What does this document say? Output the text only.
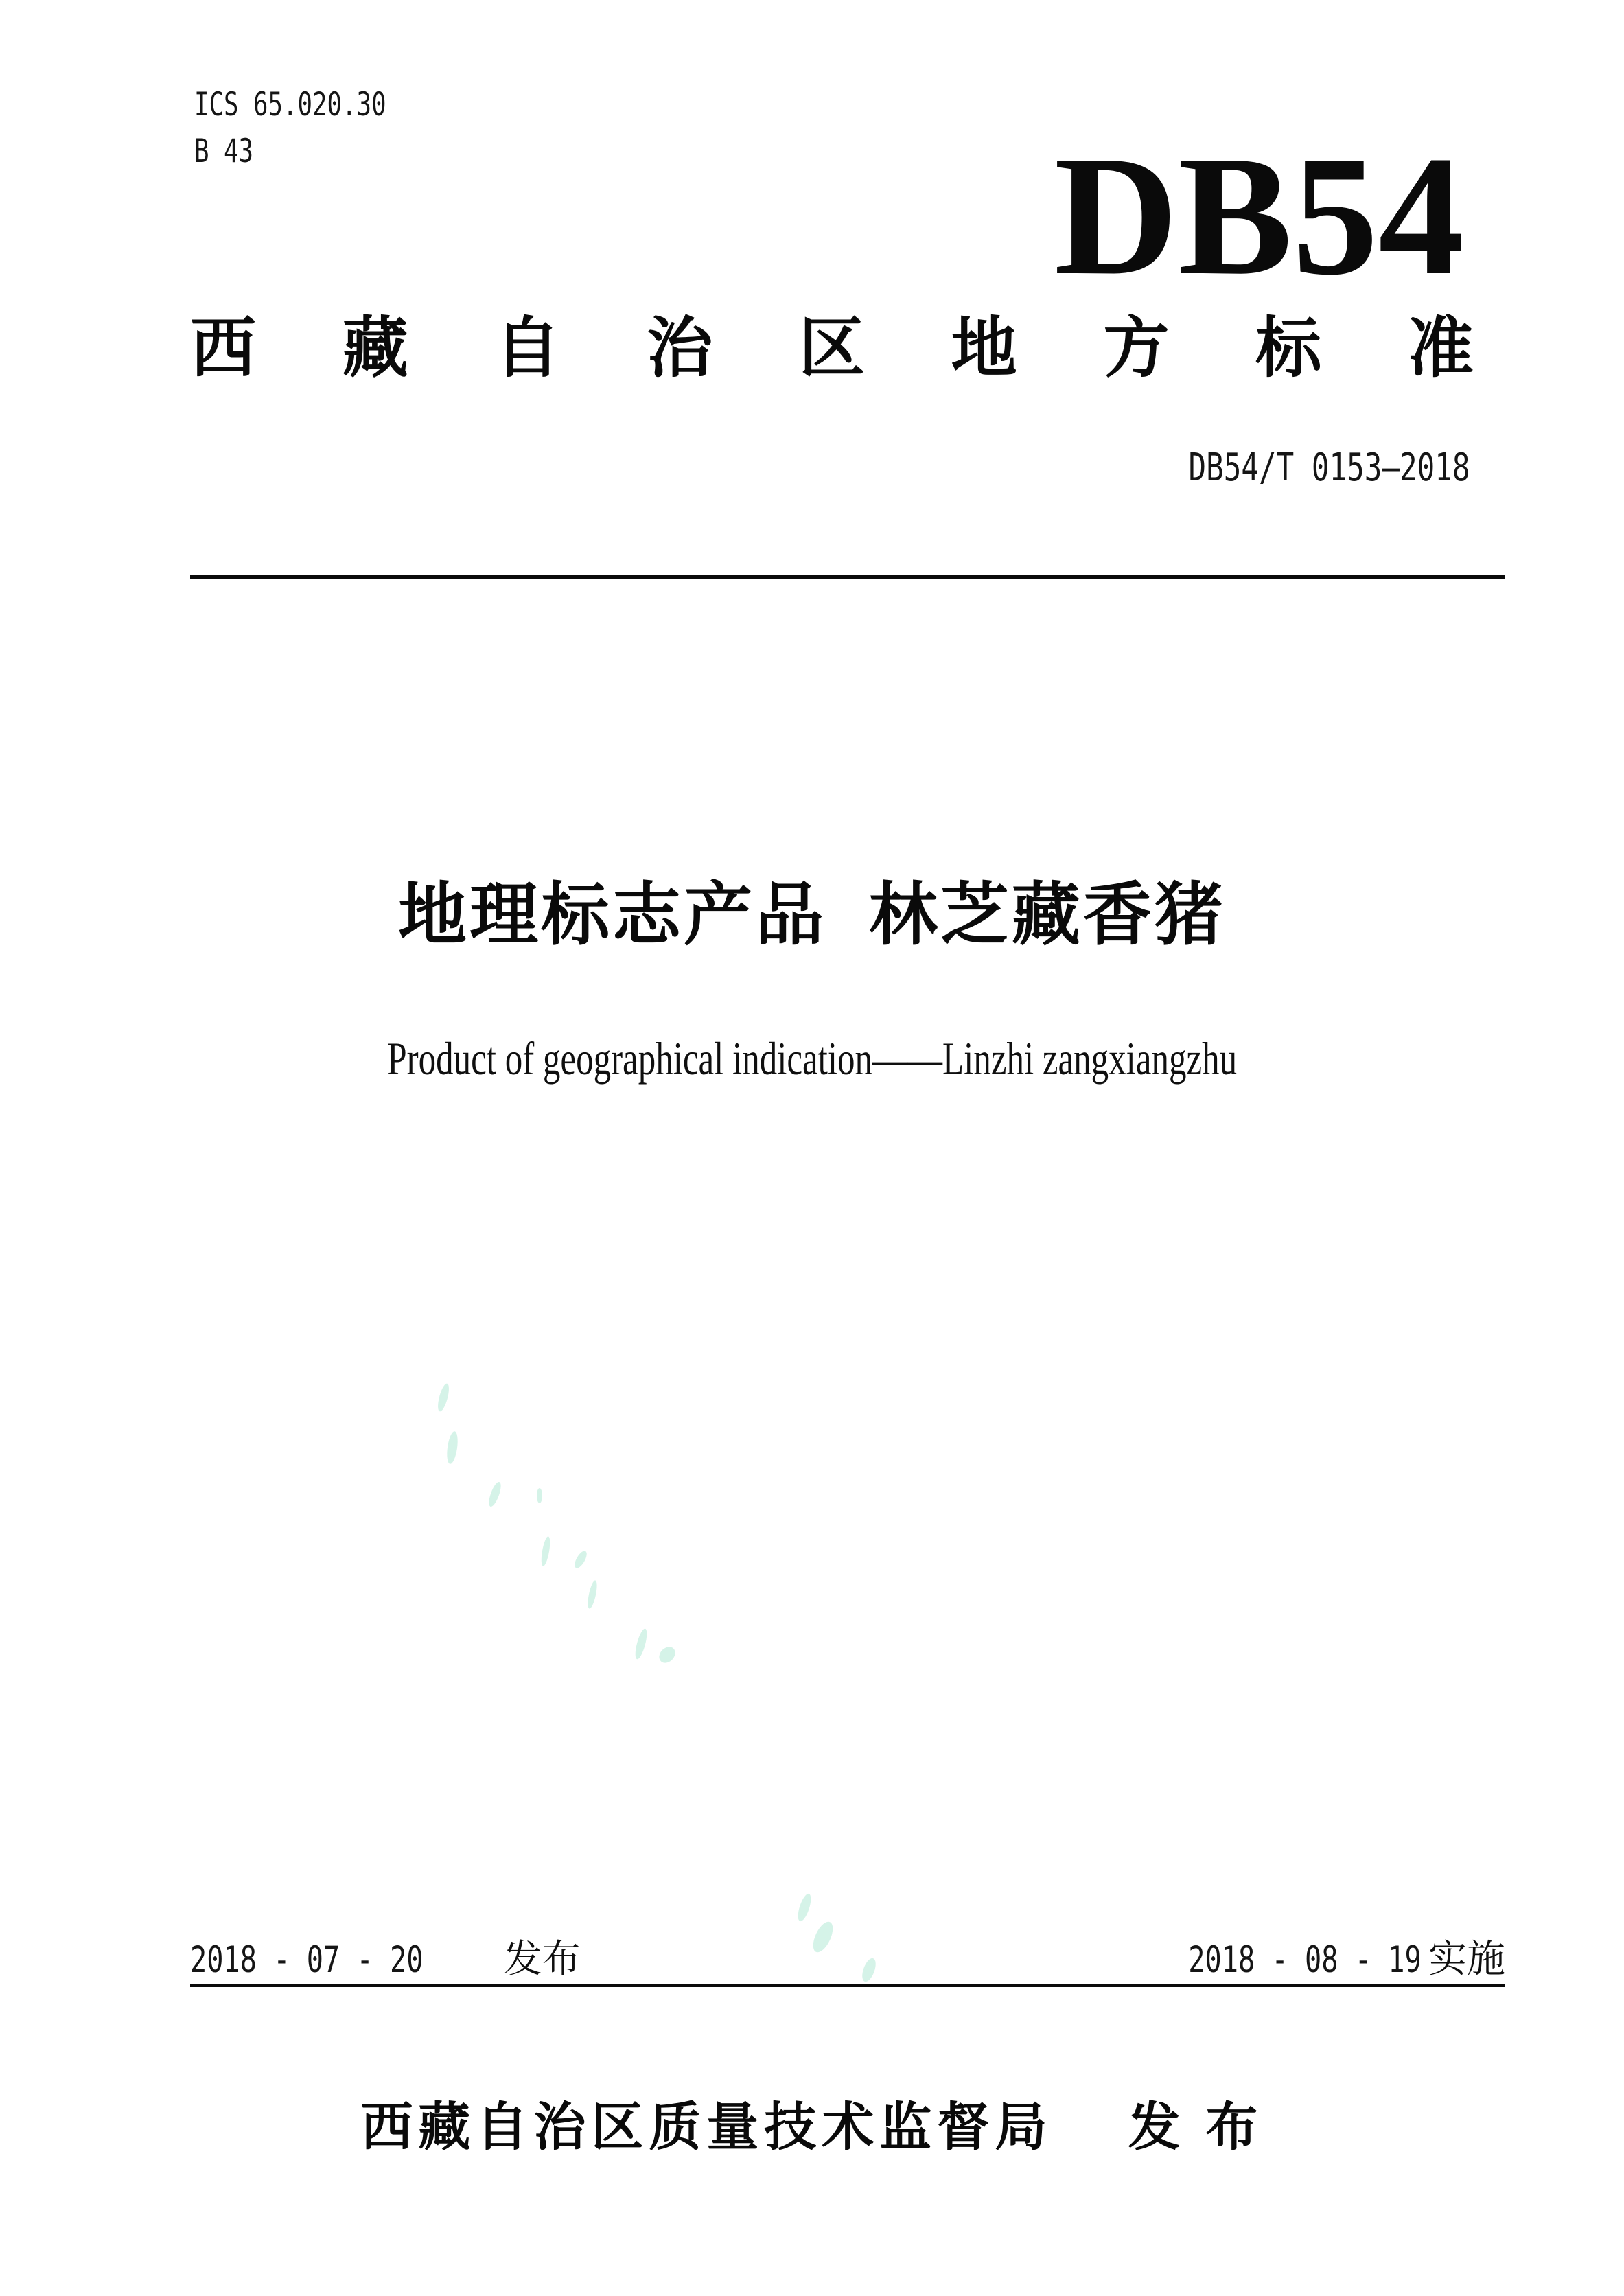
ICS 65.020.30
B 43	DB54
西 藏 自 治 区 地 方 标 准
DB54/T 0153—2018
地理标志产品 林芝藏香猪
Product of geographical indication——Linzhi zangxiangzhu
2018 - 07 - 20 发布	2018 - 08 - 19 实施
西藏自治区质量技术监督局 发 布
